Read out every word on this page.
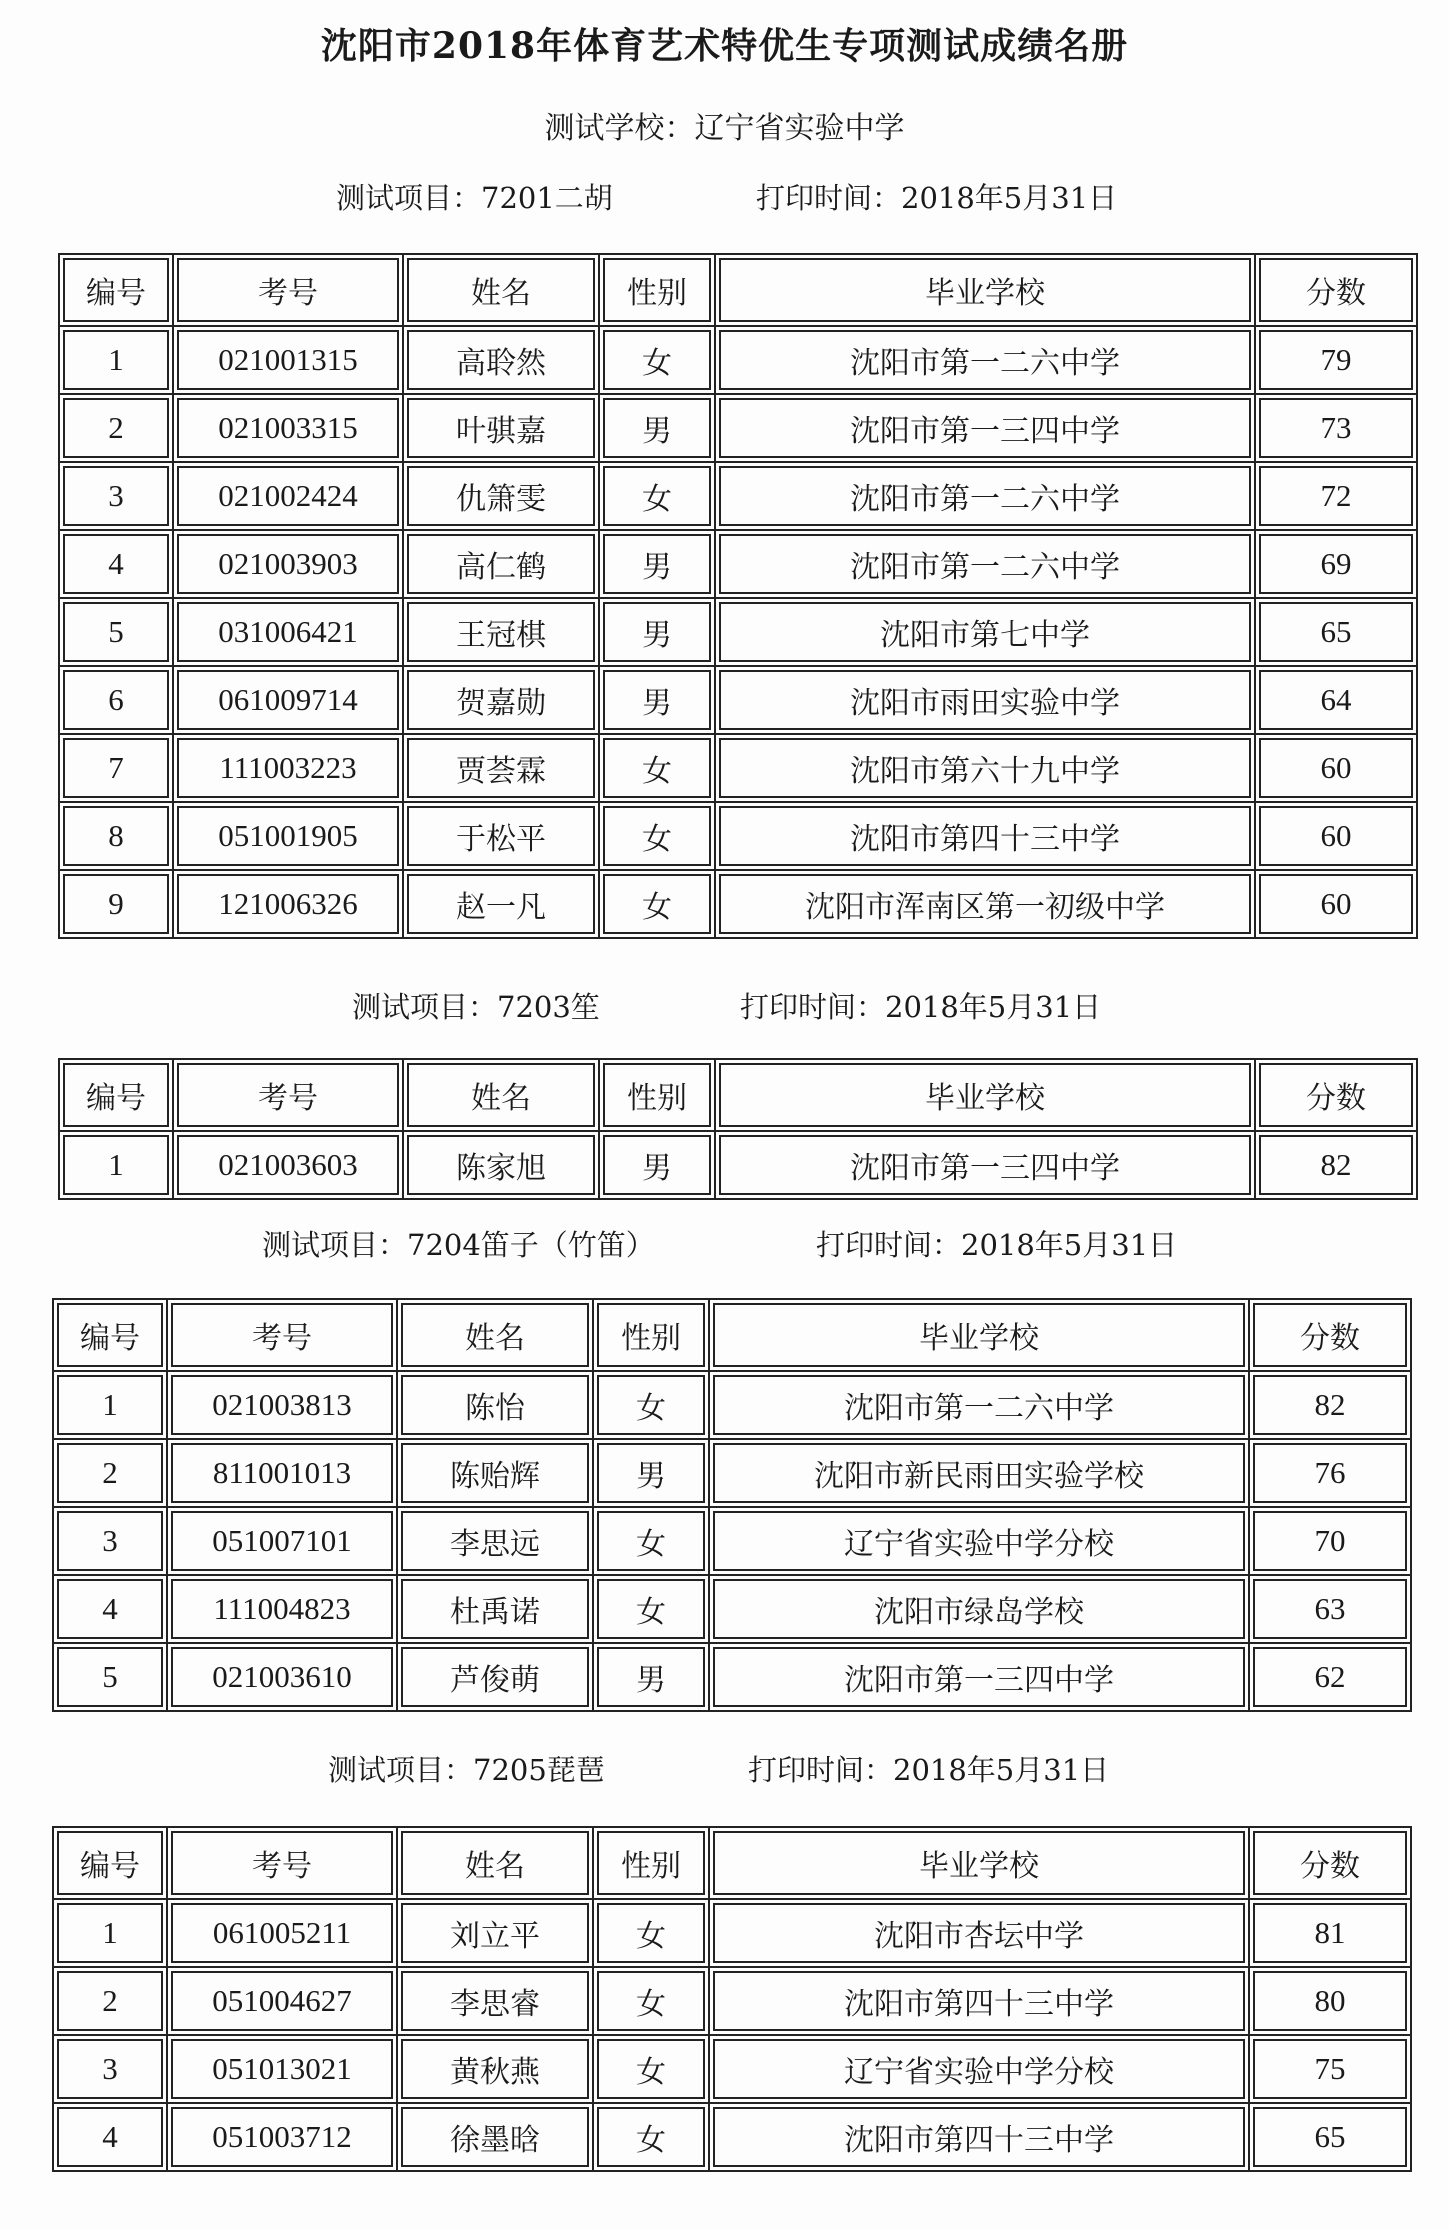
沈阳市2018年体育艺术特优生专项测试成绩名册
测试学校：辽宁省实验中学
测试项目：7201二胡	打印时间：2018年5月31日
编号	考号	姓名	性别	毕业学校	分数
1	021001315	高聆然	女	沈阳市第一二六中学	79
2	021003315	叶骐嘉	男	沈阳市第一三四中学	73
3	021002424	仇箫雯	女	沈阳市第一二六中学	72
4	021003903	高仁鹤	男	沈阳市第一二六中学	69
5	031006421	王冠棋	男	沈阳市第七中学	65
6	061009714	贺嘉勋	男	沈阳市雨田实验中学	64
7	111003223	贾荟霖	女	沈阳市第六十九中学	60
8	051001905	于松平	女	沈阳市第四十三中学	60
9	121006326	赵一凡	女	沈阳市浑南区第一初级中学	60
测试项目：7203笙	打印时间：2018年5月31日
编号	考号	姓名	性别	毕业学校	分数
1	021003603	陈家旭	男	沈阳市第一三四中学	82
测试项目：7204笛子（竹笛）	打印时间：2018年5月31日
编号	考号	姓名	性别	毕业学校	分数
1	021003813	陈怡	女	沈阳市第一二六中学	82
2	811001013	陈贻辉	男	沈阳市新民雨田实验学校	76
3	051007101	李思远	女	辽宁省实验中学分校	70
4	111004823	杜禹诺	女	沈阳市绿岛学校	63
5	021003610	芦俊萌	男	沈阳市第一三四中学	62
测试项目：7205琵琶	打印时间：2018年5月31日
编号	考号	姓名	性别	毕业学校	分数
1	061005211	刘立平	女	沈阳市杏坛中学	81
2	051004627	李思睿	女	沈阳市第四十三中学	80
3	051013021	黄秋燕	女	辽宁省实验中学分校	75
4	051003712	徐墨晗	女	沈阳市第四十三中学	65
